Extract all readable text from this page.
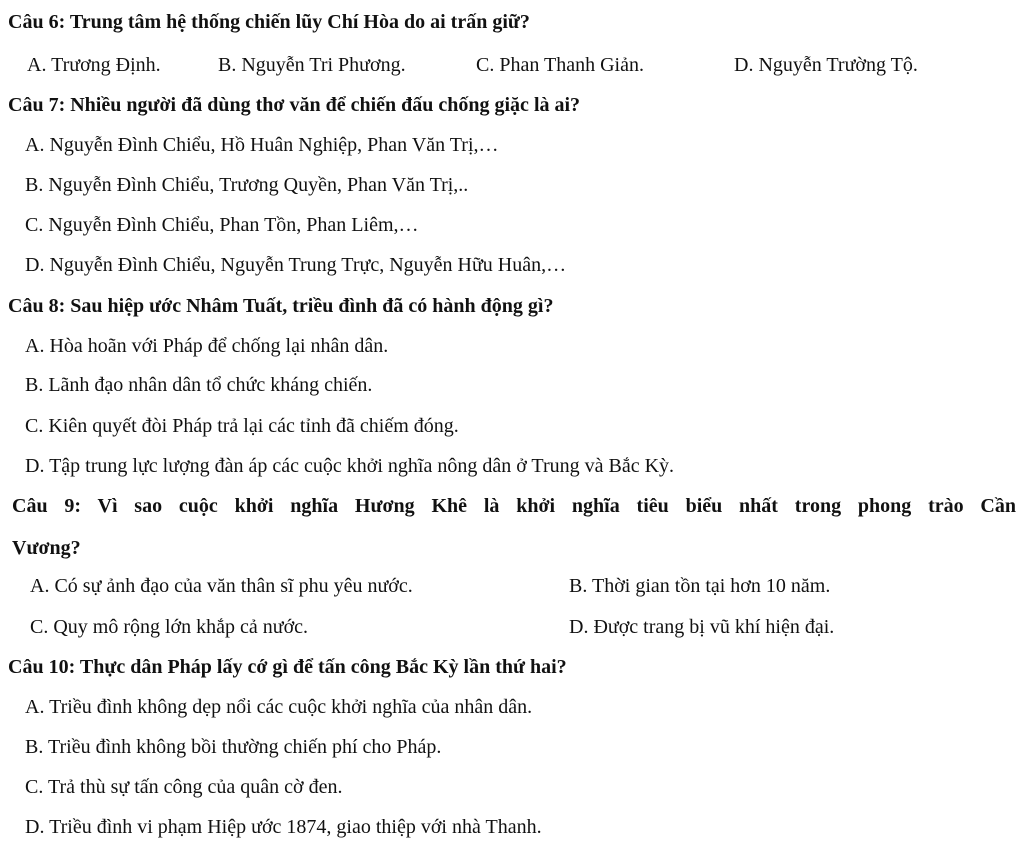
Câu 6: Trung tâm hệ thống chiến lũy Chí Hòa do ai trấn giữ?
A. Trương Định.	B. Nguyễn Tri Phương.	C. Phan Thanh Giản.	D. Nguyễn Trường Tộ.
Câu 7: Nhiều người đã dùng thơ văn để chiến đấu chống giặc là ai?
A. Nguyễn Đình Chiểu, Hồ Huân Nghiệp, Phan Văn Trị,…
B. Nguyễn Đình Chiểu, Trương Quyền, Phan Văn Trị,..
C. Nguyễn Đình Chiểu, Phan Tồn, Phan Liêm,…
D. Nguyễn Đình Chiểu, Nguyễn Trung Trực, Nguyễn Hữu Huân,…
Câu 8: Sau hiệp ước Nhâm Tuất, triều đình đã có hành động gì?
A. Hòa hoãn với Pháp để chống lại nhân dân.
B. Lãnh đạo nhân dân tổ chức kháng chiến.
C. Kiên quyết đòi Pháp trả lại các tỉnh đã chiếm đóng.
D. Tập trung lực lượng đàn áp các cuộc khởi nghĩa nông dân ở Trung và Bắc Kỳ.
Câu 9: Vì sao cuộc khởi nghĩa Hương Khê là khởi nghĩa tiêu biểu nhất trong phong trào Cần
Vương?
A. Có sự ảnh đạo của văn thân sĩ phu yêu nước.	B. Thời gian tồn tại hơn 10 năm.
C. Quy mô rộng lớn khắp cả nước.	D. Được trang bị vũ khí hiện đại.
Câu 10: Thực dân Pháp lấy cớ gì để tấn công Bắc Kỳ lần thứ hai?
A. Triều đình không dẹp nổi các cuộc khởi nghĩa của nhân dân.
B. Triều đình không bồi thường chiến phí cho Pháp.
C. Trả thù sự tấn công của quân cờ đen.
D. Triều đình vi phạm Hiệp ước 1874, giao thiệp với nhà Thanh.
